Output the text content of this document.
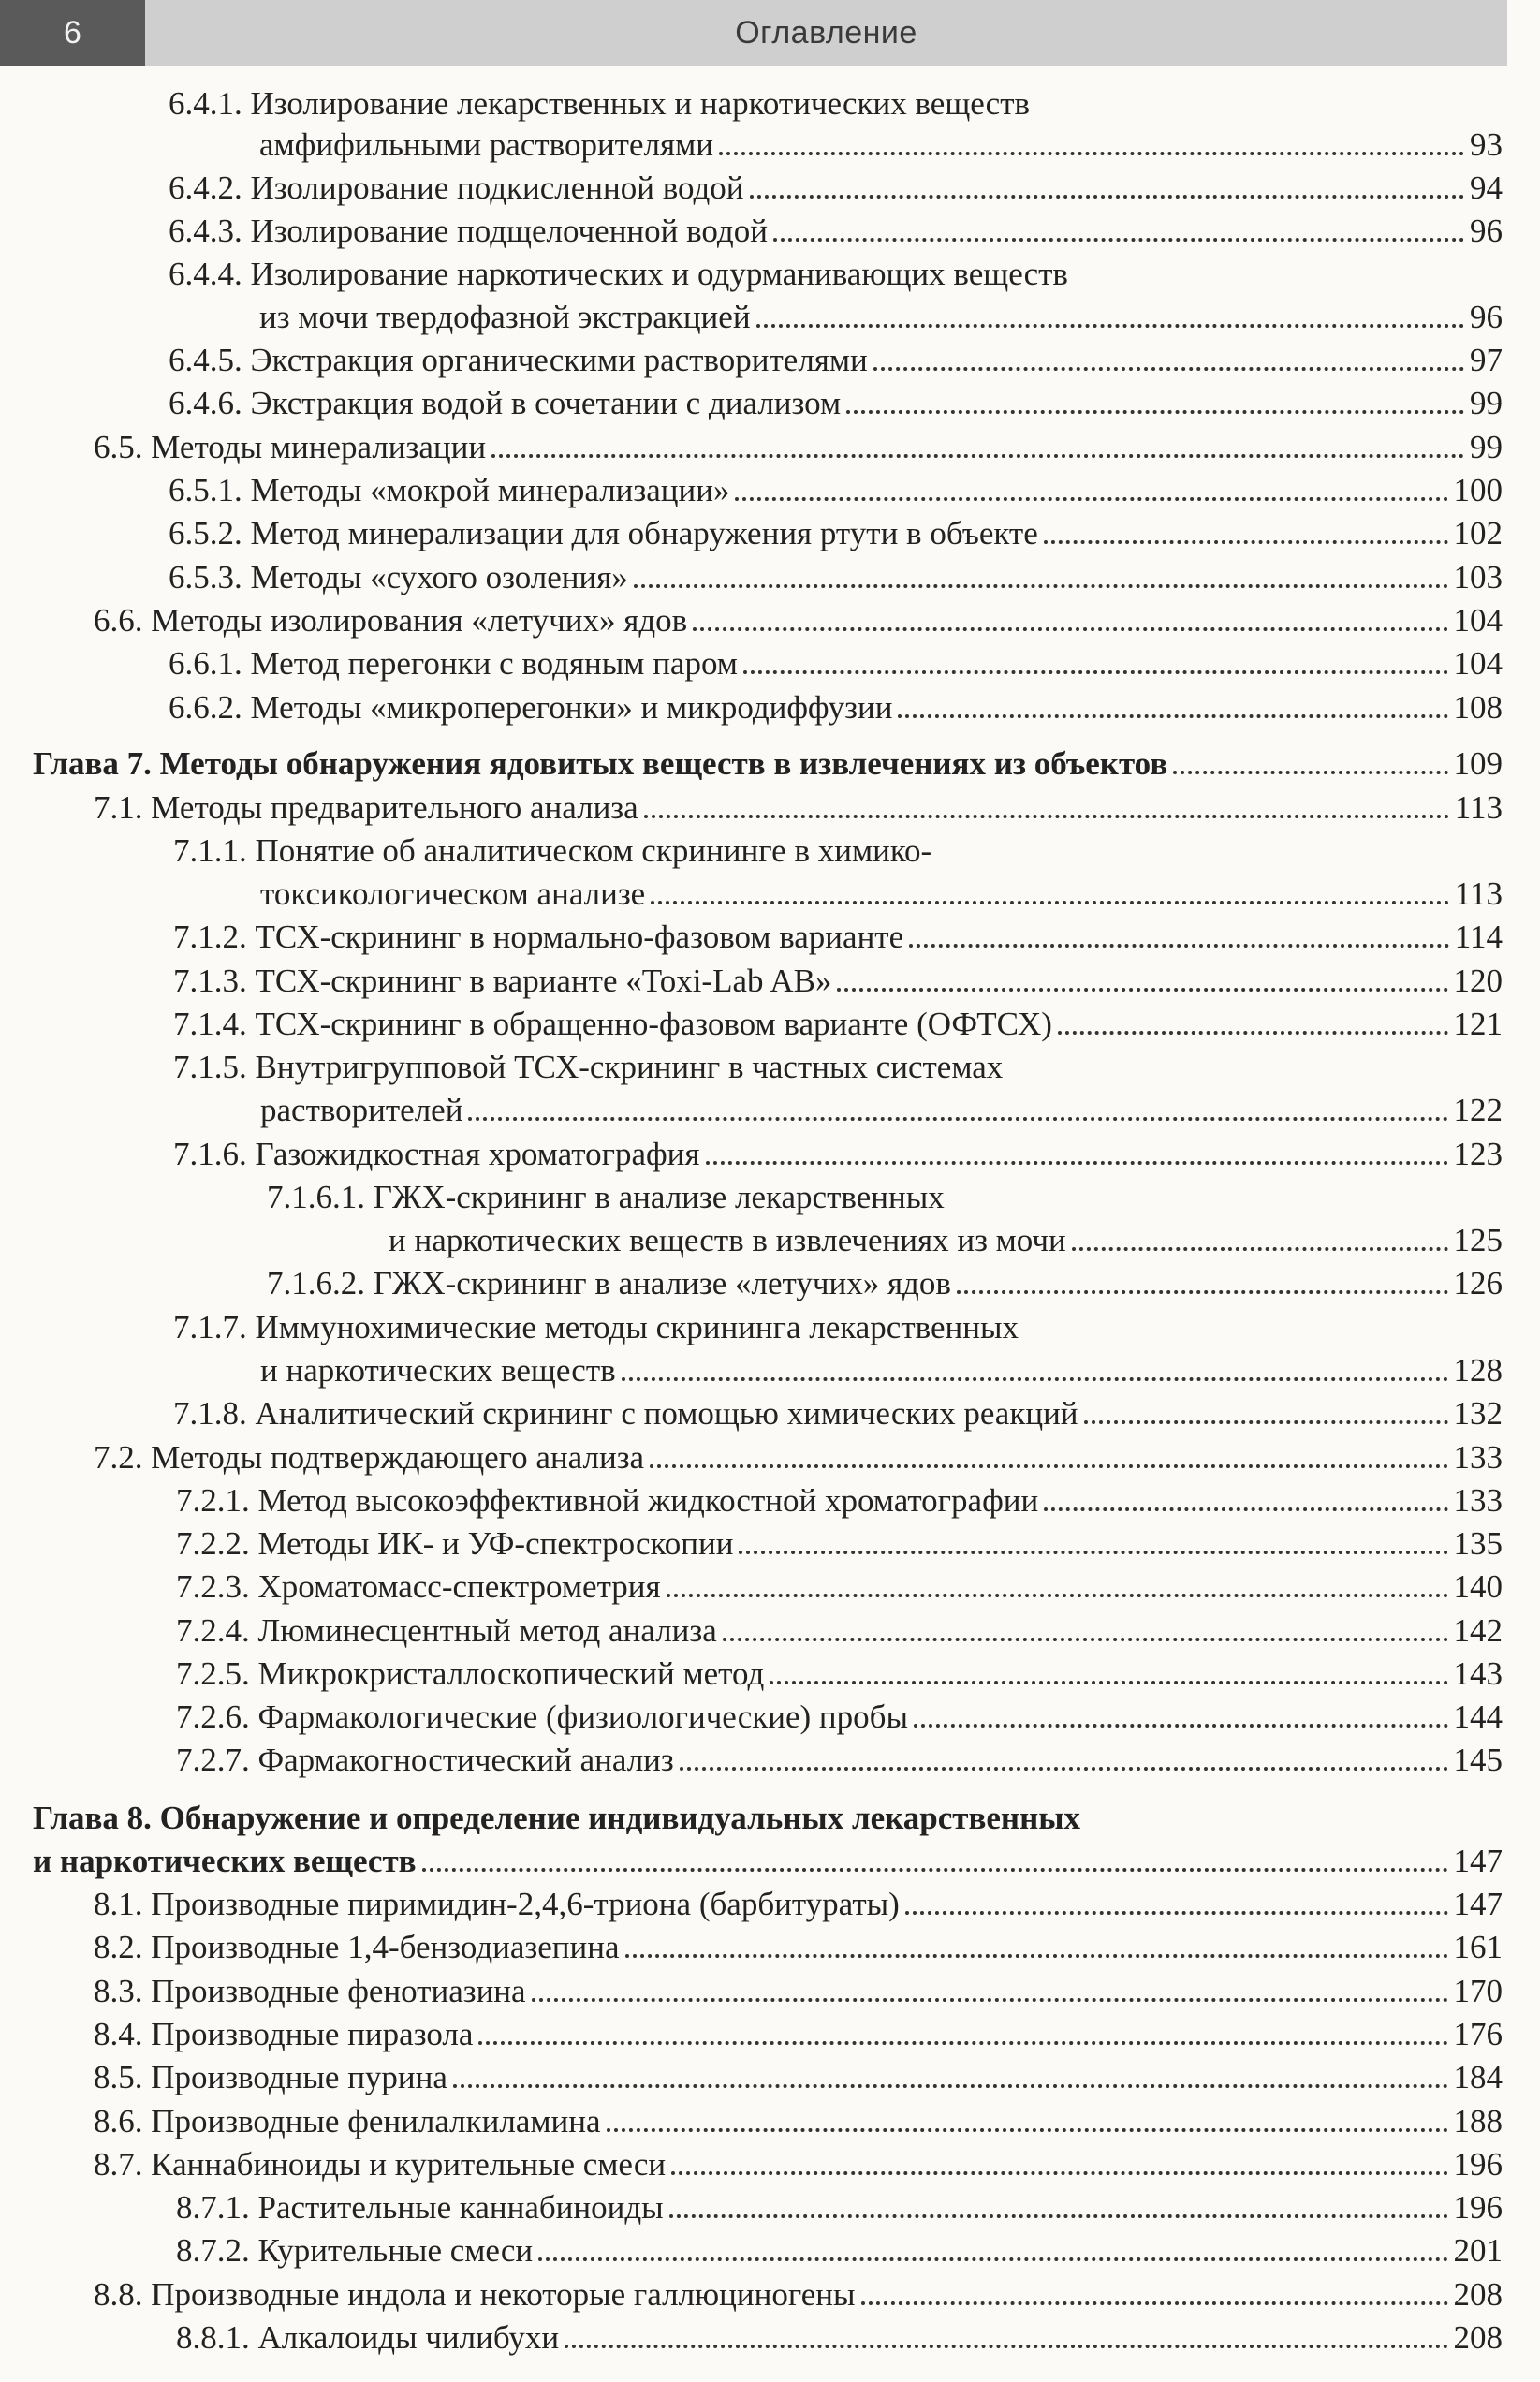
6	Оглавление
6.4.1. Изолирование лекарственных и наркотических веществ
амфифильными растворителями	93
6.4.2. Изолирование подкисленной водой	94
6.4.3. Изолирование подщелоченной водой	96
6.4.4. Изолирование наркотических и одурманивающих веществ
из мочи твердофазной экстракцией	96
6.4.5. Экстракция органическими растворителями	97
6.4.6. Экстракция водой в сочетании с диализом	99
6.5. Методы минерализации	99
6.5.1. Методы «мокрой минерализации»	100
6.5.2. Метод минерализации для обнаружения ртути в объекте	102
6.5.3. Методы «сухого озоления»	103
6.6. Методы изолирования «летучих» ядов	104
6.6.1. Метод перегонки с водяным паром	104
6.6.2. Методы «микроперегонки» и микродиффузии	108
Глава 7. Методы обнаружения ядовитых веществ в извлечениях из объектов	109
7.1. Методы предварительного анализа	113
7.1.1. Понятие об аналитическом скрининге в химико-
токсикологическом анализе	113
7.1.2. ТСХ-скрининг в нормально-фазовом варианте	114
7.1.3. ТСХ-скрининг в варианте «Toxi-Lab AB»	120
7.1.4. ТСХ-скрининг в обращенно-фазовом варианте (ОФТСХ)	121
7.1.5. Внутригрупповой ТСХ-скрининг в частных системах
растворителей	122
7.1.6. Газожидкостная хроматография	123
7.1.6.1. ГЖХ-скрининг в анализе лекарственных
и наркотических веществ в извлечениях из мочи	125
7.1.6.2. ГЖХ-скрининг в анализе «летучих» ядов	126
7.1.7. Иммунохимические методы скрининга лекарственных
и наркотических веществ	128
7.1.8. Аналитический скрининг с помощью химических реакций	132
7.2. Методы подтверждающего анализа	133
7.2.1. Метод высокоэффективной жидкостной хроматографии	133
7.2.2. Методы ИК- и УФ-спектроскопии	135
7.2.3. Хроматомасс-спектрометрия	140
7.2.4. Люминесцентный метод анализа	142
7.2.5. Микрокристаллоскопический метод	143
7.2.6. Фармакологические (физиологические) пробы	144
7.2.7. Фармакогностический анализ	145
Глава 8. Обнаружение и определение индивидуальных лекарственных
и наркотических веществ	147
8.1. Производные пиримидин-2,4,6-триона (барбитураты)	147
8.2. Производные 1,4-бензодиазепина	161
8.3. Производные фенотиазина	170
8.4. Производные пиразола	176
8.5. Производные пурина	184
8.6. Производные фенилалкиламина	188
8.7. Каннабиноиды и курительные смеси	196
8.7.1. Растительные каннабиноиды	196
8.7.2. Курительные смеси	201
8.8. Производные индола и некоторые галлюциногены	208
8.8.1. Алкалоиды чилибухи	208
